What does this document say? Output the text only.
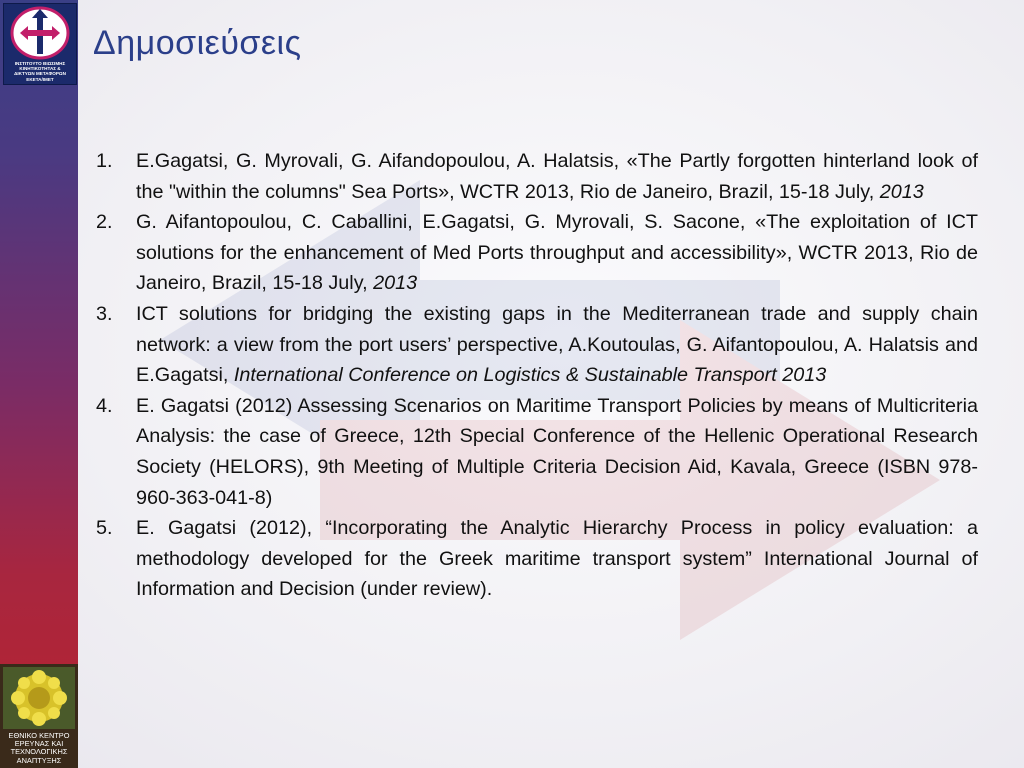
ΙΝΣΤΙΤΟΥΤΟ ΒΙΩΣΙΜΗΣ
ΚΙΝΗΤΙΚΟΤΗΤΑΣ &
ΔΙΚΤΥΩΝ ΜΕΤΑΦΟΡΩΝ
ΕΚΕΤΑ/ΙΜΕΤ
ΕΘΝΙΚΟ ΚΕΝΤΡΟ
ΕΡΕΥΝΑΣ ΚΑΙ
ΤΕΧΝΟΛΟΓΙΚΗΣ
ΑΝΑΠΤΥΞΗΣ
Δημοσιεύσεις
1. E.Gagatsi, G. Myrovali, G. Aifandopoulou, A. Halatsis, «The Partly forgotten hinterland look of the "within the columns" Sea Ports», WCTR 2013, Rio de Janeiro, Brazil, 15-18 July, 2013
2. G. Aifantopoulou, C. Caballini, E.Gagatsi, G. Myrovali, S. Sacone, «The exploitation of ICT solutions for the enhancement of Med Ports throughput and accessibility», WCTR 2013, Rio de Janeiro, Brazil, 15-18 July, 2013
3. ICT solutions for bridging the existing gaps in the Mediterranean trade and supply chain network: a view from the port users’ perspective, A.Koutoulas, G. Aifantopoulou, A. Halatsis and E.Gagatsi, International Conference on Logistics & Sustainable Transport 2013
4. E. Gagatsi (2012) Assessing Scenarios on Maritime Transport Policies by means of Multicriteria Analysis: the case of Greece, 12th Special Conference of the Hellenic Operational Research Society (HELORS), 9th Meeting of Multiple Criteria Decision Aid, Kavala, Greece (ISBN 978-960-363-041-8)
5. E. Gagatsi (2012), “Incorporating the Analytic Hierarchy Process in policy evaluation: a methodology developed for the Greek maritime transport system” International Journal of Information and Decision (under review).
